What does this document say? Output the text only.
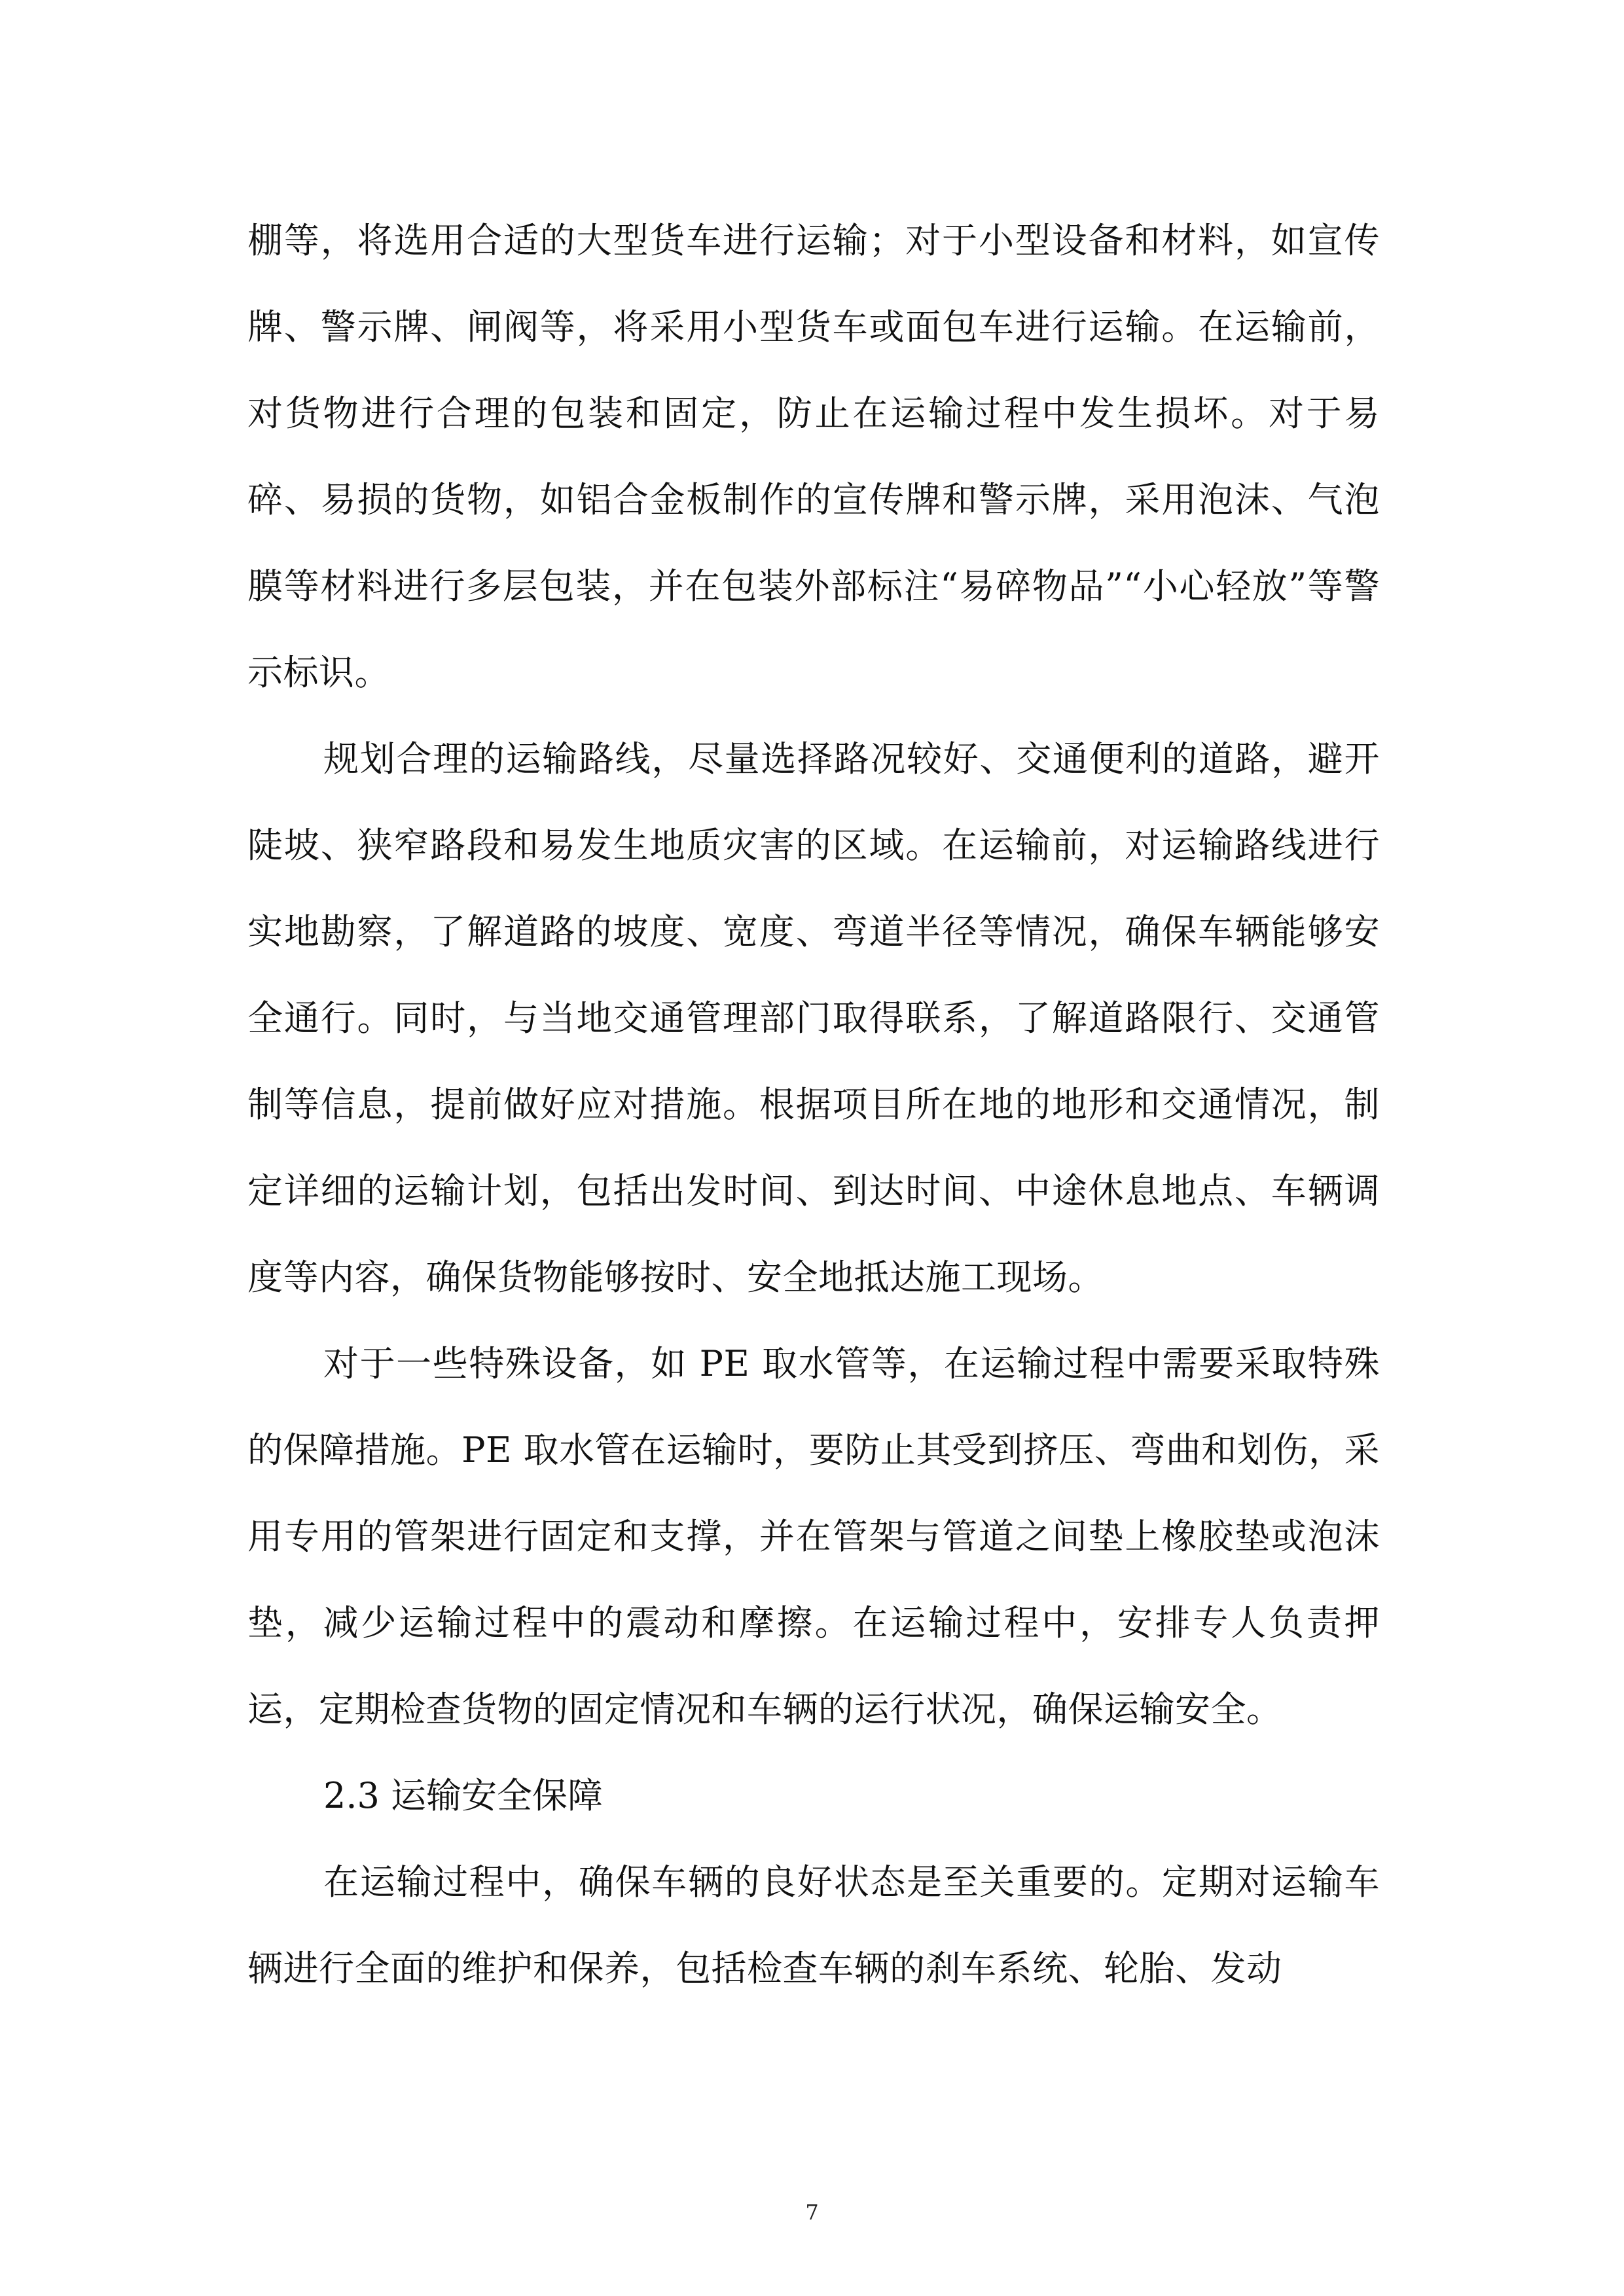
棚等，将选用合适的大型货车进行运输；对于小型设备和材料，如宣传牌、警示牌、闸阀等，将采用小型货车或面包车进行运输。在运输前，对货物进行合理的包装和固定，防止在运输过程中发生损坏。对于易碎、易损的货物，如铝合金板制作的宣传牌和警示牌，采用泡沫、气泡膜等材料进行多层包装，并在包装外部标注“易碎物品”“小心轻放”等警示标识。

规划合理的运输路线，尽量选择路况较好、交通便利的道路，避开陡坡、狭窄路段和易发生地质灾害的区域。在运输前，对运输路线进行实地勘察，了解道路的坡度、宽度、弯道半径等情况，确保车辆能够安全通行。同时，与当地交通管理部门取得联系，了解道路限行、交通管制等信息，提前做好应对措施。根据项目所在地的地形和交通情况，制定详细的运输计划，包括出发时间、到达时间、中途休息地点、车辆调度等内容，确保货物能够按时、安全地抵达施工现场。

对于一些特殊设备，如 PE 取水管等，在运输过程中需要采取特殊的保障措施。PE 取水管在运输时，要防止其受到挤压、弯曲和划伤，采用专用的管架进行固定和支撑，并在管架与管道之间垫上橡胶垫或泡沫垫，减少运输过程中的震动和摩擦。在运输过程中，安排专人负责押运，定期检查货物的固定情况和车辆的运行状况，确保运输安全。

2.3 运输安全保障

在运输过程中，确保车辆的良好状态是至关重要的。定期对运输车辆进行全面的维护和保养，包括检查车辆的刹车系统、轮胎、发动

7
